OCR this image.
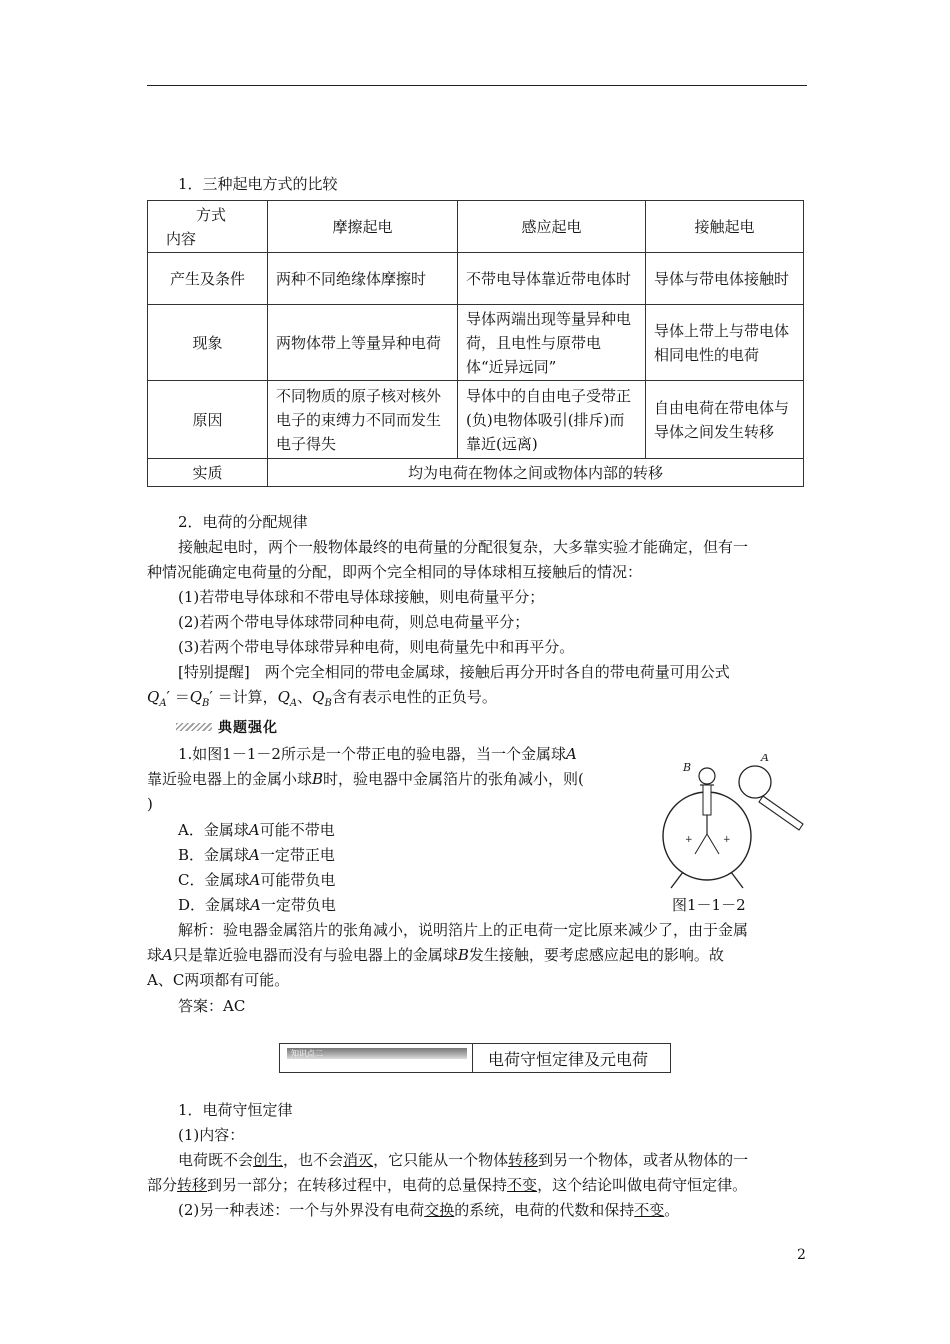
1．三种起电方式的比较
方式
内容	摩擦起电	感应起电	接触起电
产生及条件	两种不同绝缘体摩擦时	不带电导体靠近带电体时	导体与带电体接触时
现象	两物体带上等量异种电荷	导体两端出现等量异种电荷，且电性与原带电体“近异远同”	导体上带上与带电体相同电性的电荷
原因	不同物质的原子核对核外电子的束缚力不同而发生电子得失	导体中的自由电子受带正(负)电物体吸引(排斥)而靠近(远离)	自由电荷在带电体与导体之间发生转移
实质	均为电荷在物体之间或物体内部的转移		
2．电荷的分配规律
接触起电时，两个一般物体最终的电荷量的分配很复杂，大多靠实验才能确定，但有一
种情况能确定电荷量的分配，即两个完全相同的导体球相互接触后的情况：
(1)若带电导体球和不带电导体球接触，则电荷量平分；
(2)若两个带电导体球带同种电荷，则总电荷量平分；
(3)若两个带电导体球带异种电荷，则电荷量先中和再平分。
[特别提醒]　两个完全相同的带电金属球，接触后再分开时各自的带电荷量可用公式
$Q_A' =Q_B'$ ＝计算，$Q_A$、$Q_B$含有表示电性的正负号。
典题强化
1.如图1－1－2所示是一个带正电的验电器，当一个金属球A
靠近验电器上的金属小球B时，验电器中金属箔片的张角减小，则(
)
A．金属球A可能不带电
B．金属球A一定带正电
C．金属球A可能带负电
D．金属球A一定带负电
+	+
B
A
图1－1－2
解析：验电器金属箔片的张角减小，说明箔片上的正电荷一定比原来减少了，由于金属
球A只是靠近验电器而没有与验电器上的金属球B发生接触，要考虑感应起电的影响。故
A、C两项都有可能。
答案：AC
知识点二	电荷守恒定律及元电荷
1．电荷守恒定律
(1)内容：
电荷既不会创生，也不会消灭，它只能从一个物体转移到另一个物体，或者从物体的一
部分转移到另一部分；在转移过程中，电荷的总量保持不变，这个结论叫做电荷守恒定律。
(2)另一种表述：一个与外界没有电荷交换的系统，电荷的代数和保持不变。
2
